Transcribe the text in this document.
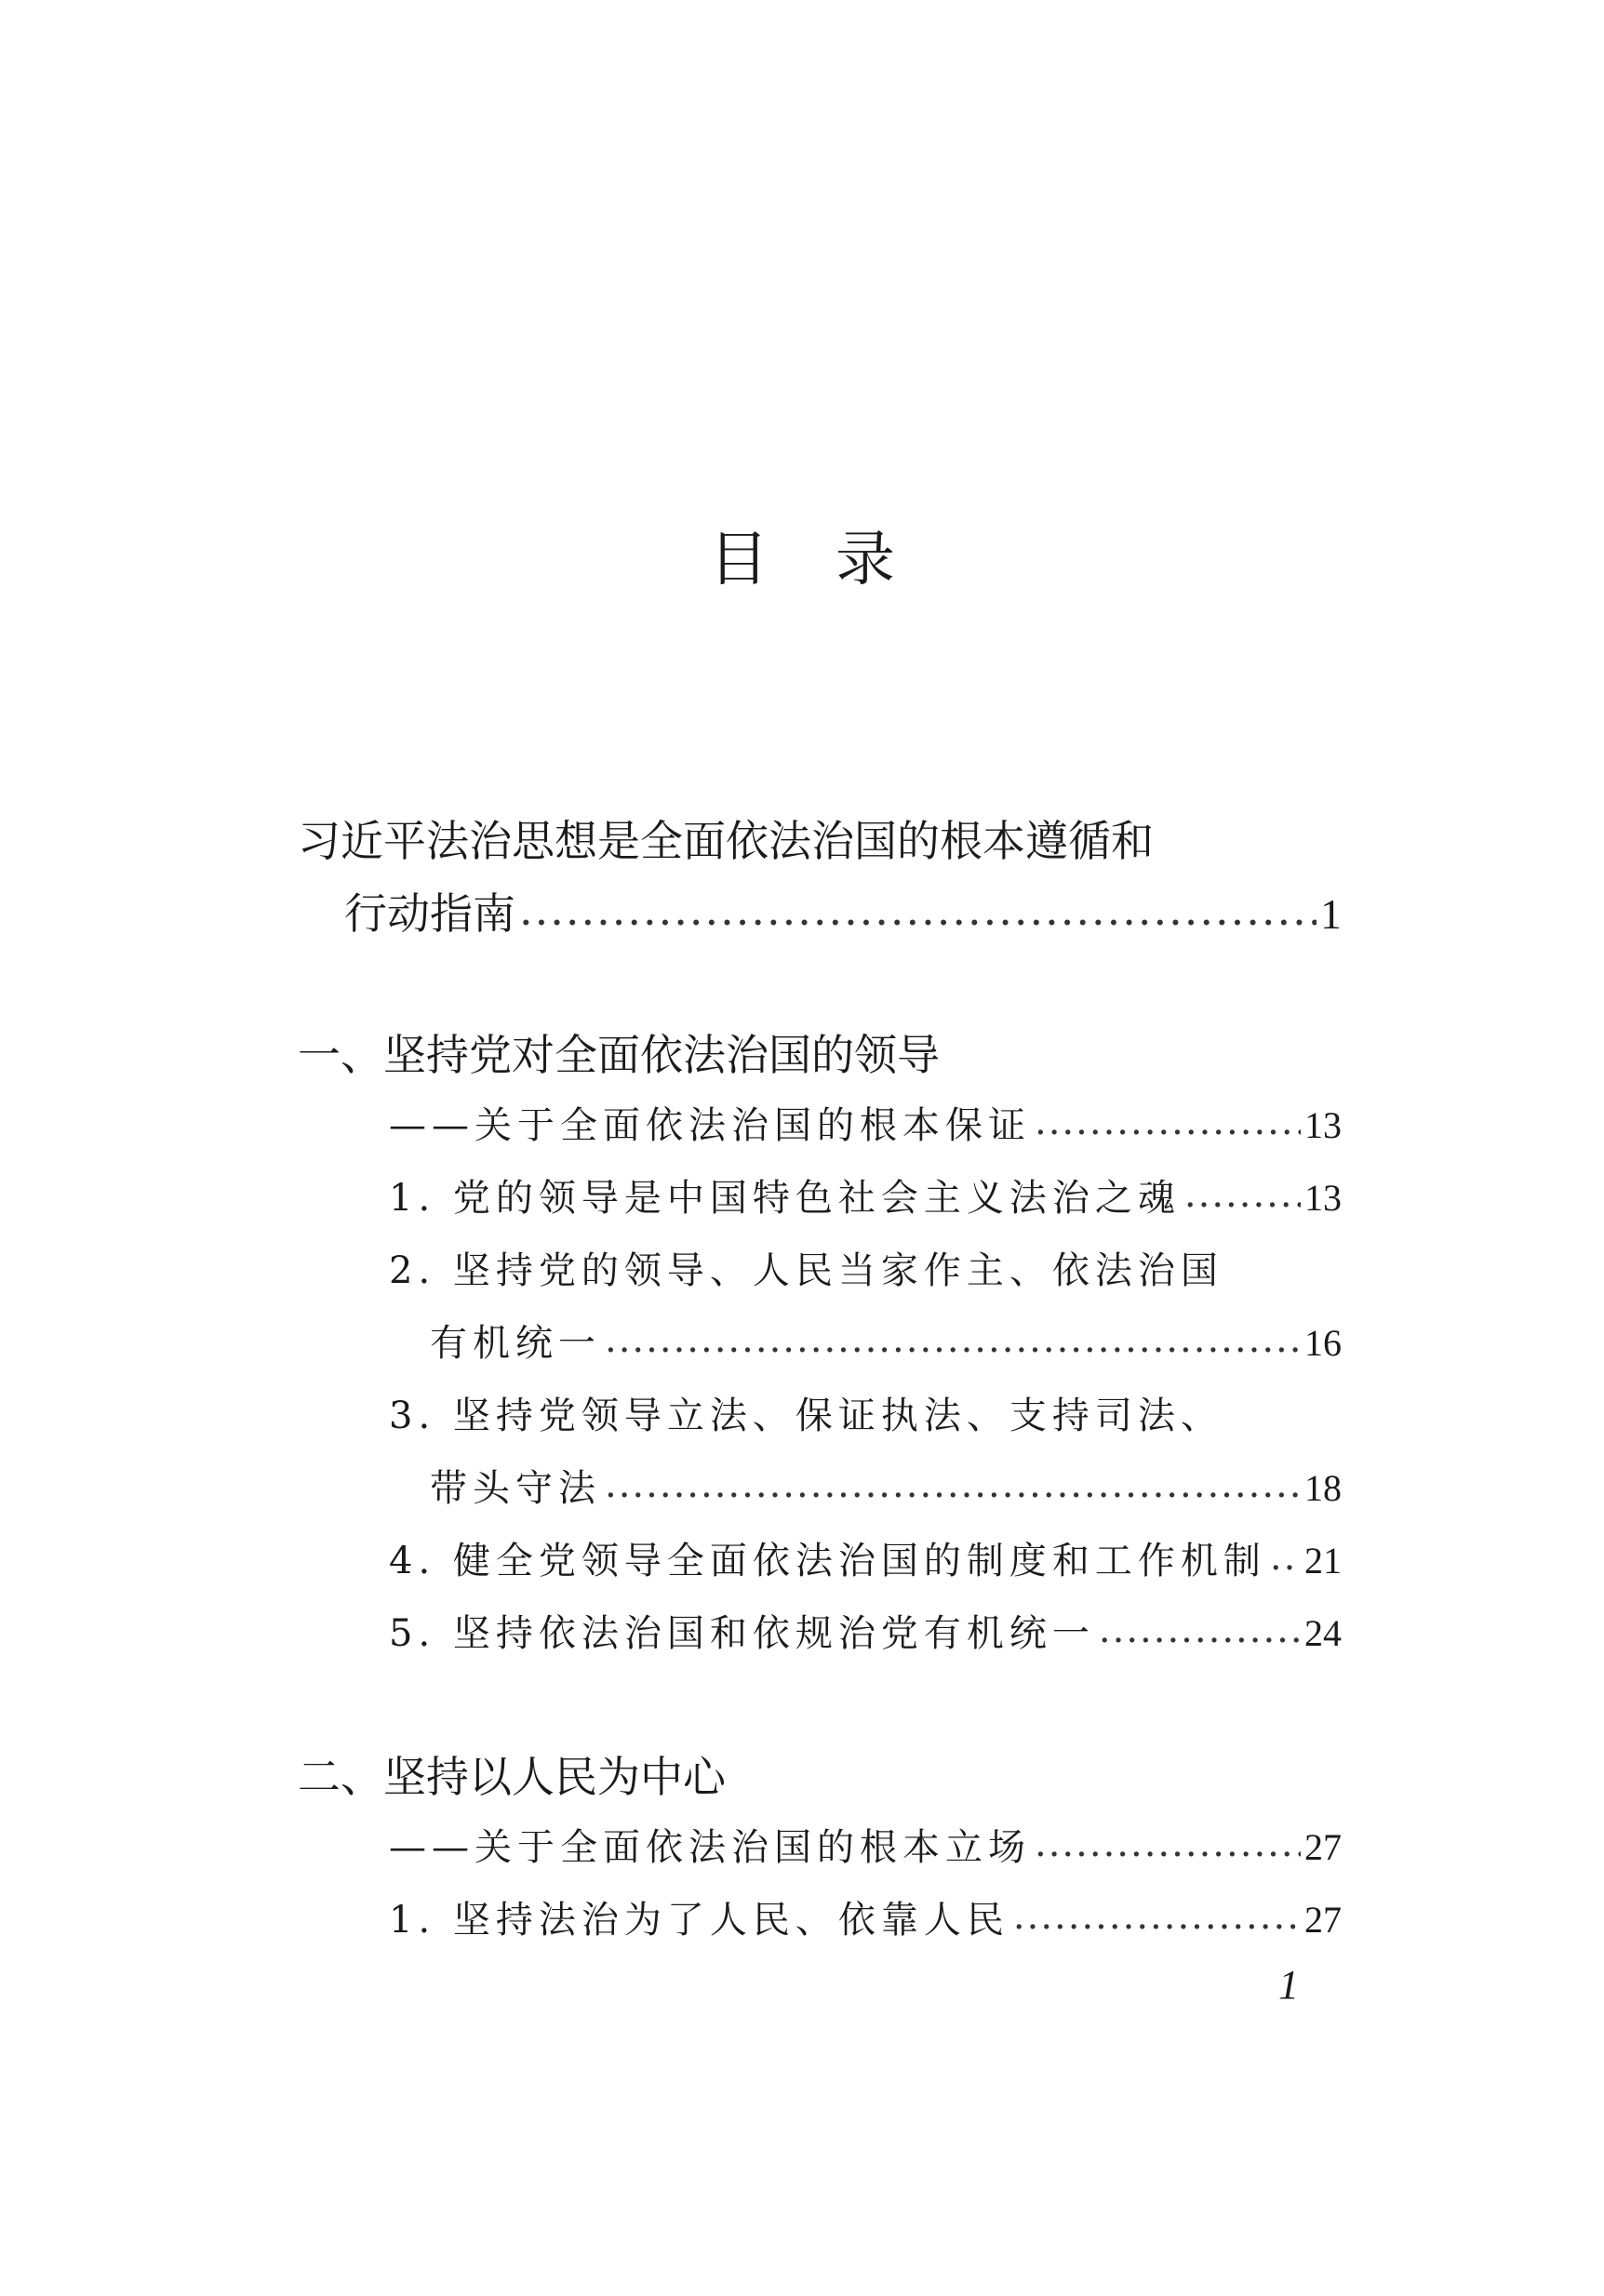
目 录
习近平法治思想是全面依法治国的根本遵循和
行动指南 .....	1
一、坚持党对全面依法治国的领导
——关于全面依法治国的根本保证 .....	13
1. 党的领导是中国特色社会主义法治之魂 .....	13
2. 坚持党的领导、人民当家作主、依法治国
有机统一 .....	16
3. 坚持党领导立法、保证执法、支持司法、
带头守法 .....	18
4. 健全党领导全面依法治国的制度和工作机制 ..... 21
5. 坚持依法治国和依规治党有机统一 .....	24
二、坚持以人民为中心
——关于全面依法治国的根本立场 .....	27
1. 坚持法治为了人民、依靠人民 .....	27
1
